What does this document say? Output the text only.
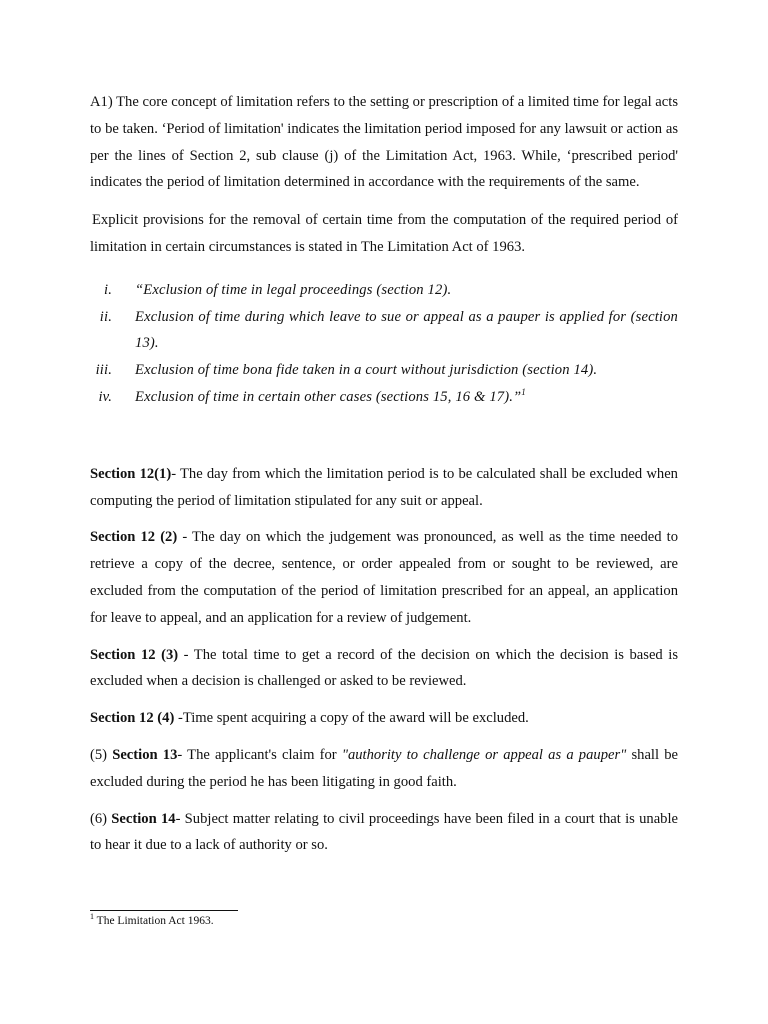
A1) The core concept of limitation refers to the setting or prescription of a limited time for legal acts to be taken. ‘Period of limitation' indicates the limitation period imposed for any lawsuit or action as per the lines of Section 2, sub clause (j) of the Limitation Act, 1963. While, ‘prescribed period' indicates the period of limitation determined in accordance with the requirements of the same.

Explicit provisions for the removal of certain time from the computation of the required period of limitation in certain circumstances is stated in The Limitation Act of 1963.

i. “Exclusion of time in legal proceedings (section 12).
ii. Exclusion of time during which leave to sue or appeal as a pauper is applied for (section 13).
iii. Exclusion of time bona fide taken in a court without jurisdiction (section 14).
iv. Exclusion of time in certain other cases (sections 15, 16 & 17).”$^1$

Section 12(1)- The day from which the limitation period is to be calculated shall be excluded when computing the period of limitation stipulated for any suit or appeal.

Section 12 (2) - The day on which the judgement was pronounced, as well as the time needed to retrieve a copy of the decree, sentence, or order appealed from or sought to be reviewed, are excluded from the computation of the period of limitation prescribed for an appeal, an application for leave to appeal, and an application for a review of judgement.

Section 12 (3) - The total time to get a record of the decision on which the decision is based is excluded when a decision is challenged or asked to be reviewed.

Section 12 (4) -Time spent acquiring a copy of the award will be excluded.

(5) Section 13- The applicant's claim for "authority to challenge or appeal as a pauper" shall be excluded during the period he has been litigating in good faith.

(6) Section 14- Subject matter relating to civil proceedings have been filed in a court that is unable to hear it due to a lack of authority or so.

$^1$ The Limitation Act 1963.
